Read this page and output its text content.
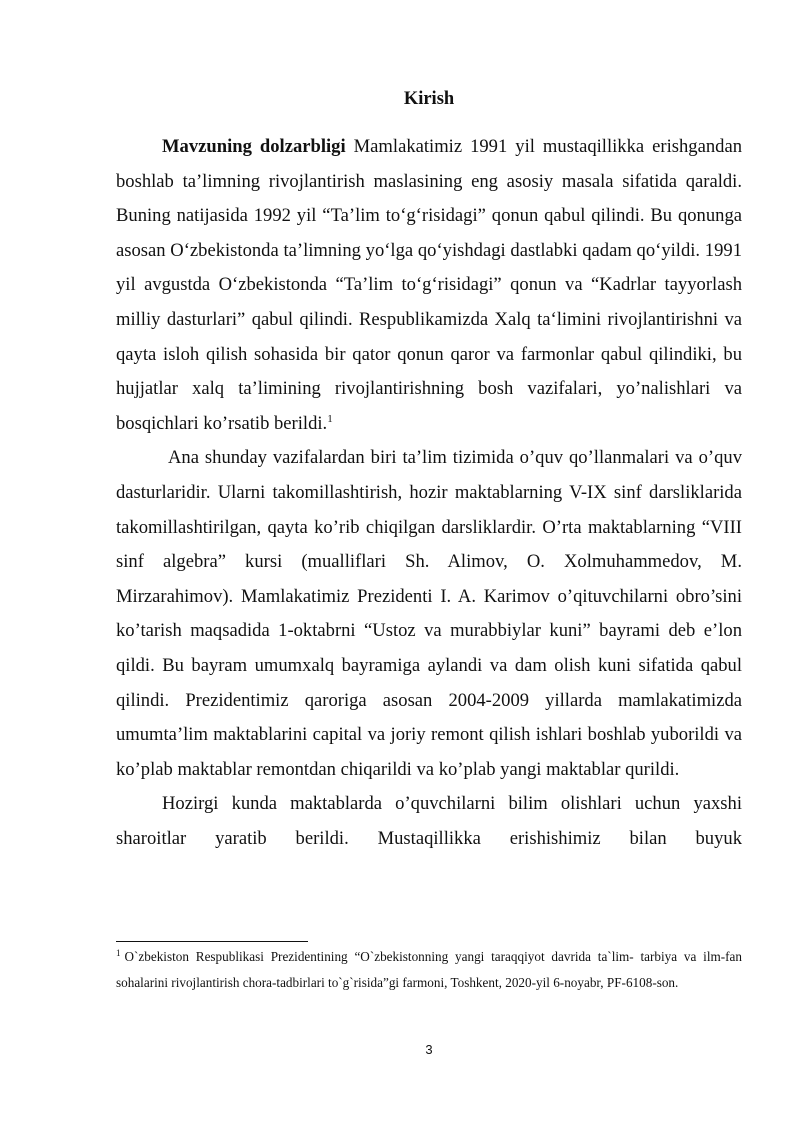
Kirish

Mavzuning dolzarbligi Mamlakatimiz 1991 yil mustaqillikka erishgandan boshlab ta’limning rivojlantirish maslasining eng asosiy masala sifatida qaraldi. Buning natijasida 1992 yil “Ta’lim to‘g‘risidagi” qonun qabul qilindi. Bu qonunga asosan O‘zbekistonda ta’limning yo‘lga qo‘yishdagi dastlabki qadam qo‘yildi. 1991 yil avgustda O‘zbekistonda “Ta’lim to‘g‘risidagi” qonun va “Kadrlar tayyorlash milliy dasturlari” qabul qilindi. Respublikamizda Xalq ta‘limini rivojlantirishni va qayta isloh qilish sohasida bir qator qonun qaror va farmonlar qabul qilindiki, bu hujjatlar xalq ta’limining rivojlantirishning bosh vazifalari, yo’nalishlari va bosqichlari ko’rsatib berildi.$^1$

Ana shunday vazifalardan biri ta’lim tizimida o’quv qo’llanmalari va o’quv dasturlaridir. Ularni takomillashtirish, hozir maktablarning V-IX sinf darsliklarida takomillashtirilgan, qayta ko’rib chiqilgan darsliklardir. O’rta maktablarning “VIII sinf algebra” kursi (mualliflari Sh. Alimov, O. Xolmuhammedov, M. Mirzarahimov). Mamlakatimiz Prezidenti I. A. Karimov o’qituvchilarni obro’sini ko’tarish maqsadida 1-oktabrni “Ustoz va murabbiylar kuni” bayrami deb e’lon qildi. Bu bayram umumxalq bayramiga aylandi va dam olish kuni sifatida qabul qilindi. Prezidentimiz qaroriga asosan 2004-2009 yillarda mamlakatimizda umumta’lim maktablarini capital va joriy remont qilish ishlari boshlab yuborildi va ko’plab maktablar remontdan chiqarildi va ko’plab yangi maktablar qurildi.

Hozirgi kunda maktablarda o’quvchilarni bilim olishlari uchun yaxshi sharoitlar yaratib berildi. Mustaqillikka erishishimiz bilan buyuk

$^1$ O`zbekiston Respublikasi Prezidentining “O`zbekistonning yangi taraqqiyot davrida ta`lim- tarbiya va ilm-fan sohalarini rivojlantirish chora-tadbirlari to`g`risida”gi farmoni, Toshkent, 2020-yil 6-noyabr, PF-6108-son.

3
